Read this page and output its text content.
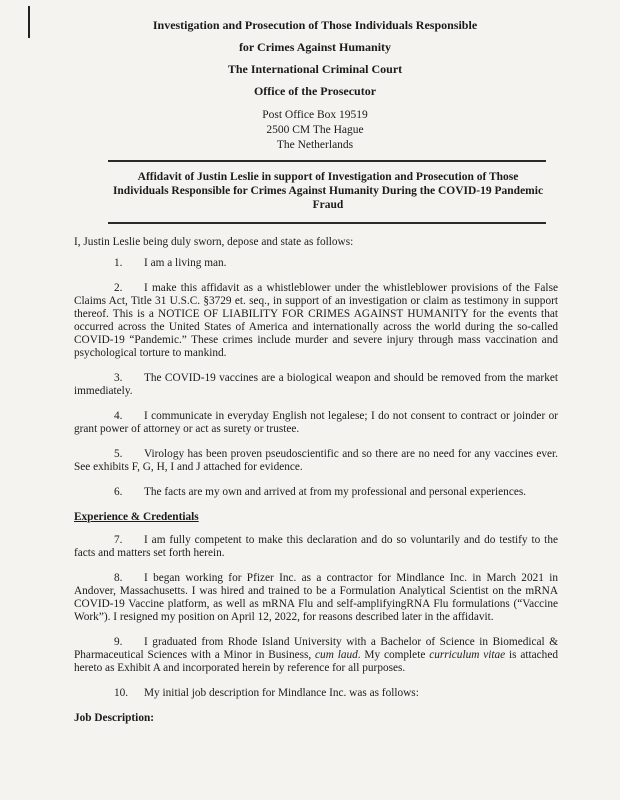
Investigation and Prosecution of Those Individuals Responsible
for Crimes Against Humanity
The International Criminal Court
Office of the Prosecutor
Post Office Box 19519
2500 CM The Hague
The Netherlands
Affidavit of Justin Leslie in support of Investigation and Prosecution of Those Individuals Responsible for Crimes Against Humanity During the COVID-19 Pandemic Fraud

I, Justin Leslie being duly sworn, depose and state as follows:

1. I am a living man.

2. I make this affidavit as a whistleblower under the whistleblower provisions of the False Claims Act, Title 31 U.S.C. §3729 et. seq., in support of an investigation or claim as testimony in support thereof. This is a NOTICE OF LIABILITY FOR CRIMES AGAINST HUMANITY for the events that occurred across the United States of America and internationally across the world during the so-called COVID-19 “Pandemic.” These crimes include murder and severe injury through mass vaccination and psychological torture to mankind.

3. The COVID-19 vaccines are a biological weapon and should be removed from the market immediately.

4. I communicate in everyday English not legalese; I do not consent to contract or joinder or grant power of attorney or act as surety or trustee.

5. Virology has been proven pseudoscientific and so there are no need for any vaccines ever. See exhibits F, G, H, I and J attached for evidence.

6. The facts are my own and arrived at from my professional and personal experiences.

Experience & Credentials

7. I am fully competent to make this declaration and do so voluntarily and do testify to the facts and matters set forth herein.

8. I began working for Pfizer Inc. as a contractor for Mindlance Inc. in March 2021 in Andover, Massachusetts. I was hired and trained to be a Formulation Analytical Scientist on the mRNA COVID-19 Vaccine platform, as well as mRNA Flu and self-amplifyingRNA Flu formulations (“Vaccine Work”). I resigned my position on April 12, 2022, for reasons described later in the affidavit.

9. I graduated from Rhode Island University with a Bachelor of Science in Biomedical & Pharmaceutical Sciences with a Minor in Business, cum laud. My complete curriculum vitae is attached hereto as Exhibit A and incorporated herein by reference for all purposes.

10. My initial job description for Mindlance Inc. was as follows:

Job Description:
